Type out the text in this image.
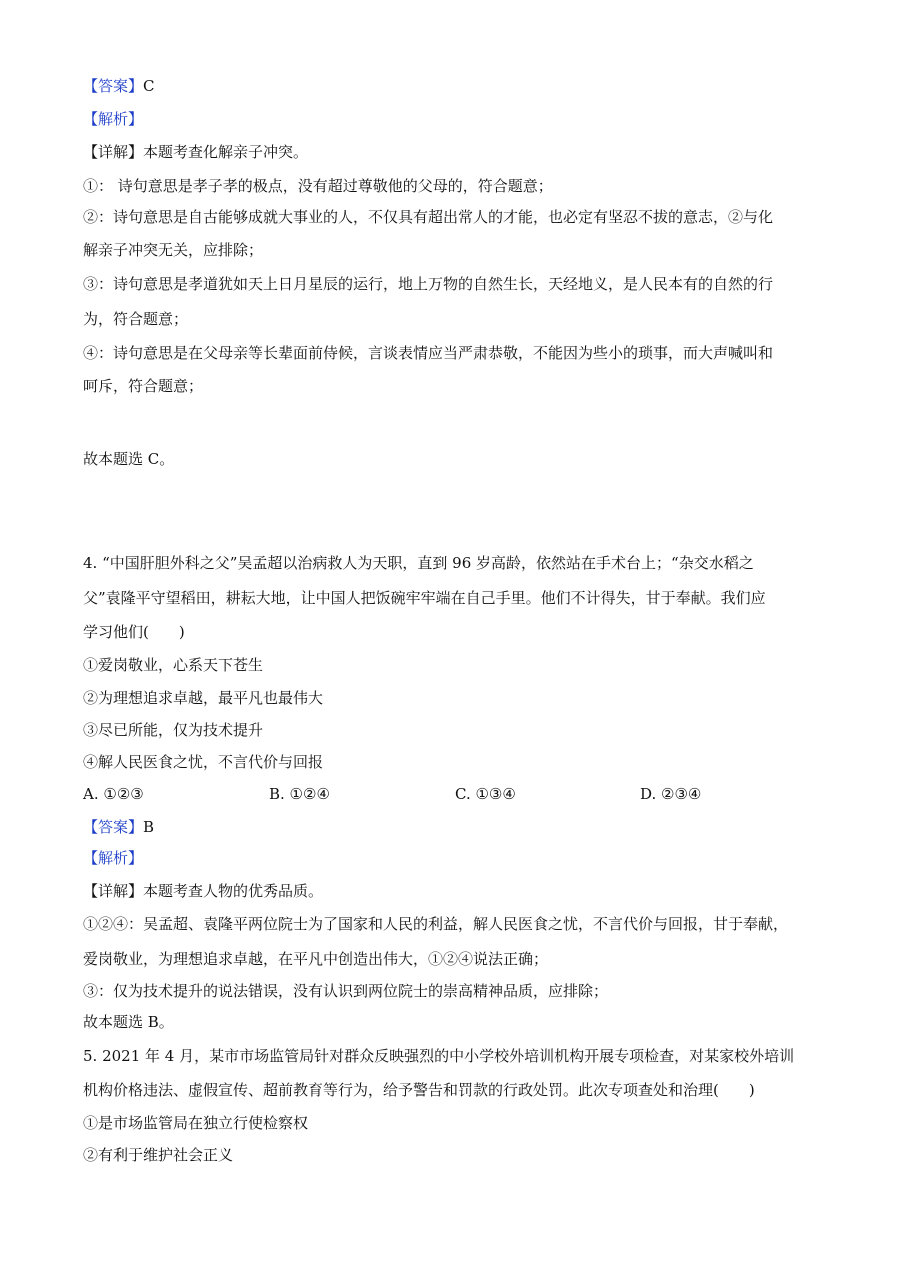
【答案】C
【解析】
【详解】本题考查化解亲子冲突。
①： 诗句意思是孝子孝的极点，没有超过尊敬他的父母的，符合题意；
②：诗句意思是自古能够成就大事业的人，不仅具有超出常人的才能，也必定有坚忍不拔的意志，②与化
解亲子冲突无关，应排除；
③：诗句意思是孝道犹如天上日月星辰的运行，地上万物的自然生长，天经地义，是人民本有的自然的行
为，符合题意；
④：诗句意思是在父母亲等长辈面前侍候，言谈表情应当严肃恭敬，不能因为些小的琐事，而大声喊叫和
呵斥，符合题意；
故本题选 C。
4. “中国肝胆外科之父”吴孟超以治病救人为天职，直到 96 岁高龄，依然站在手术台上；“杂交水稻之
父”袁隆平守望稻田，耕耘大地，让中国人把饭碗牢牢端在自己手里。他们不计得失，甘于奉献。我们应
学习他们(　　)
①爱岗敬业，心系天下苍生
②为理想追求卓越，最平凡也最伟大
③尽已所能，仅为技术提升
④解人民医食之忧，不言代价与回报
A. ①②③	B. ①②④	C. ①③④	D. ②③④
【答案】B
【解析】
【详解】本题考查人物的优秀品质。
①②④：吴孟超、袁隆平两位院士为了国家和人民的利益，解人民医食之忧，不言代价与回报，甘于奉献，
爱岗敬业，为理想追求卓越，在平凡中创造出伟大，①②④说法正确；
③：仅为技术提升的说法错误，没有认识到两位院士的崇高精神品质，应排除；
故本题选 B。
5. 2021 年 4 月，某市市场监管局针对群众反映强烈的中小学校外培训机构开展专项检查，对某家校外培训
机构价格违法、虚假宣传、超前教育等行为，给予警告和罚款的行政处罚。此次专项查处和治理(　　)
①是市场监管局在独立行使检察权
②有利于维护社会正义
